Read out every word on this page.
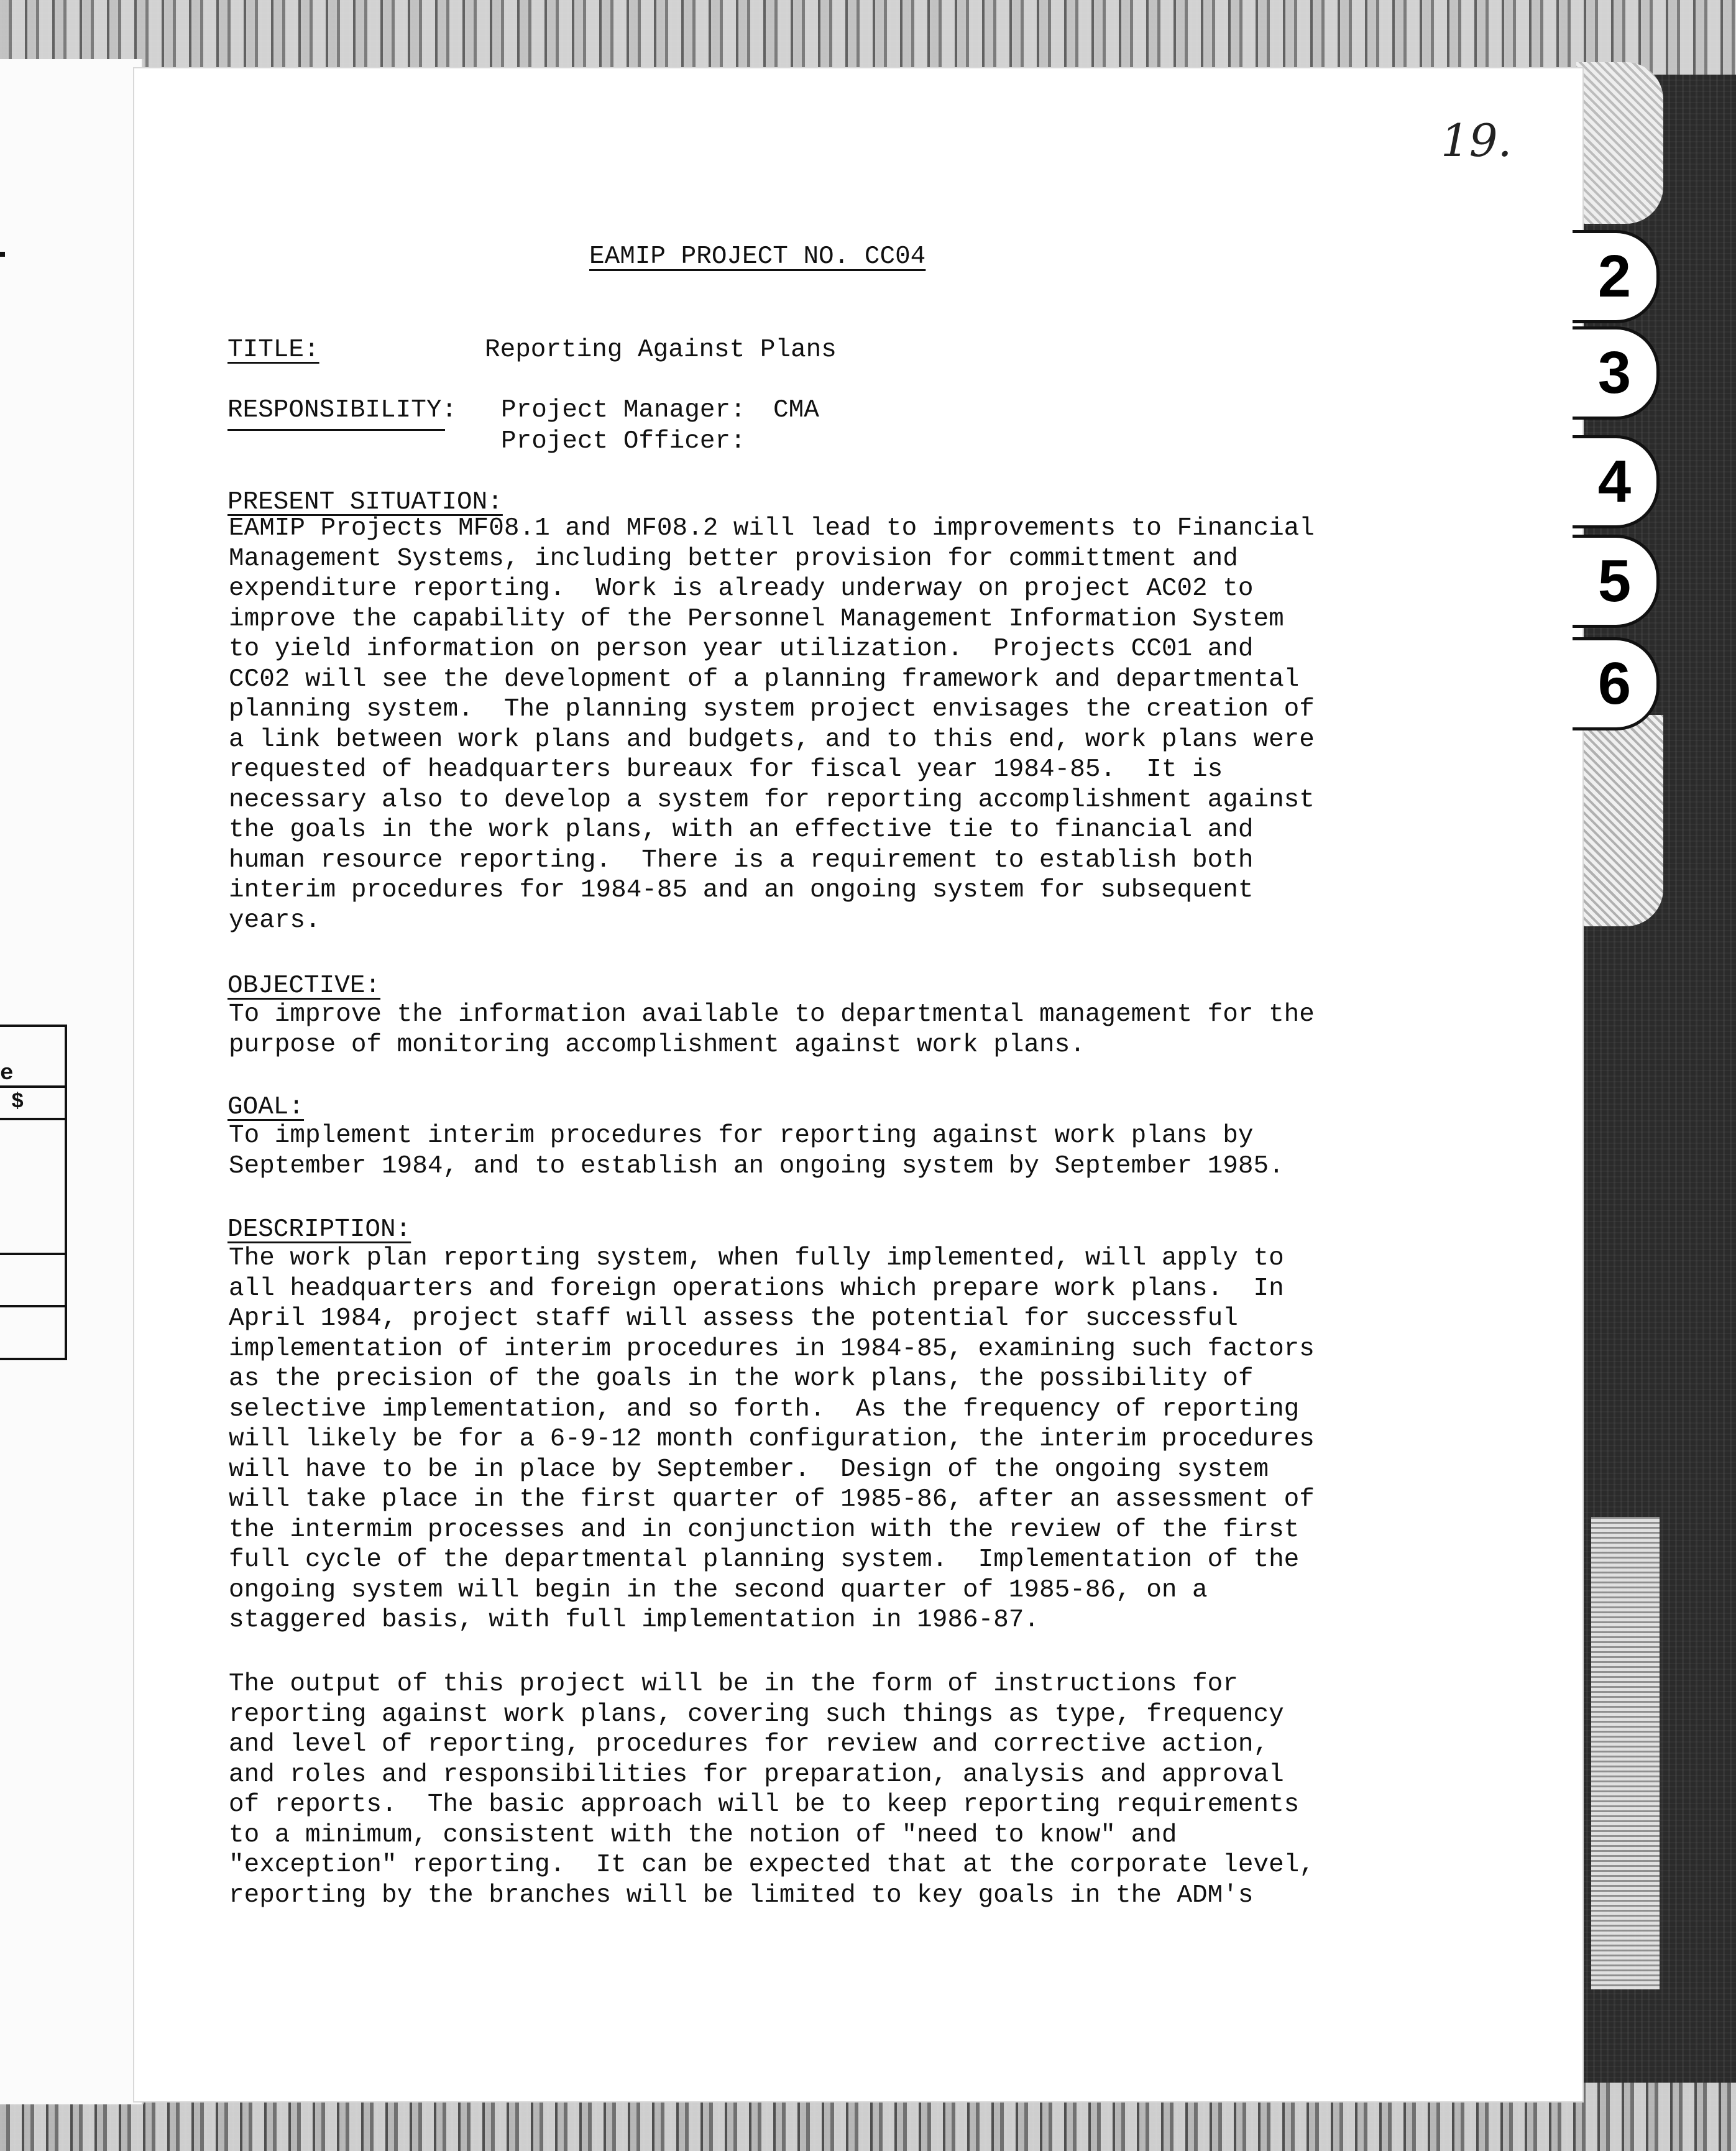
e
$
2
3
4
5
6
19.
EAMIP PROJECT NO. CC04
TITLE:	Reporting Against Plans
RESPONSIBILITY: Project Manager: CMA
Project Officer:
PRESENT SITUATION:
EAMIP Projects MF08.1 and MF08.2 will lead to improvements to Financial
Management Systems, including better provision for committment and
expenditure reporting.  Work is already underway on project AC02 to
improve the capability of the Personnel Management Information System
to yield information on person year utilization.  Projects CC01 and
CC02 will see the development of a planning framework and departmental
planning system.  The planning system project envisages the creation of
a link between work plans and budgets, and to this end, work plans were
requested of headquarters bureaux for fiscal year 1984-85.  It is
necessary also to develop a system for reporting accomplishment against
the goals in the work plans, with an effective tie to financial and
human resource reporting.  There is a requirement to establish both
interim procedures for 1984-85 and an ongoing system for subsequent
years.
OBJECTIVE:
To improve the information available to departmental management for the
purpose of monitoring accomplishment against work plans.
GOAL:
To implement interim procedures for reporting against work plans by
September 1984, and to establish an ongoing system by September 1985.
DESCRIPTION:
The work plan reporting system, when fully implemented, will apply to
all headquarters and foreign operations which prepare work plans.  In
April 1984, project staff will assess the potential for successful
implementation of interim procedures in 1984-85, examining such factors
as the precision of the goals in the work plans, the possibility of
selective implementation, and so forth.  As the frequency of reporting
will likely be for a 6-9-12 month configuration, the interim procedures
will have to be in place by September.  Design of the ongoing system
will take place in the first quarter of 1985-86, after an assessment of
the intermim processes and in conjunction with the review of the first
full cycle of the departmental planning system.  Implementation of the
ongoing system will begin in the second quarter of 1985-86, on a
staggered basis, with full implementation in 1986-87.
The output of this project will be in the form of instructions for
reporting against work plans, covering such things as type, frequency
and level of reporting, procedures for review and corrective action,
and roles and responsibilities for preparation, analysis and approval
of reports.  The basic approach will be to keep reporting requirements
to a minimum, consistent with the notion of "need to know" and
"exception" reporting.  It can be expected that at the corporate level,
reporting by the branches will be limited to key goals in the ADM's
